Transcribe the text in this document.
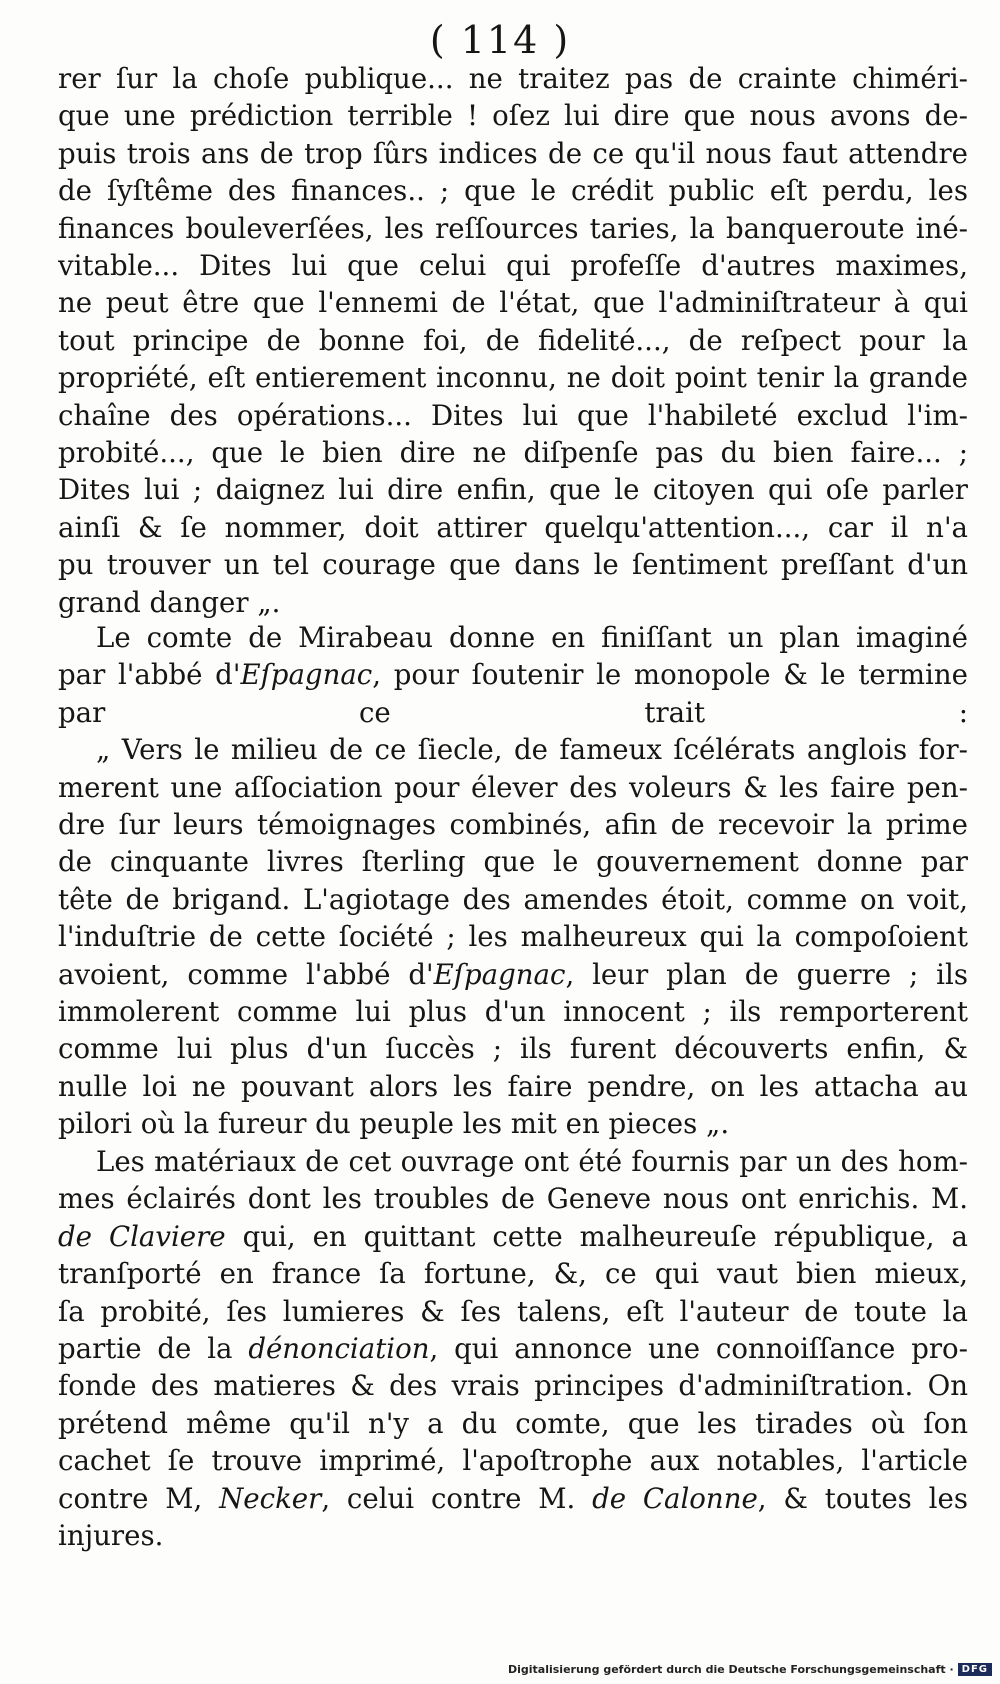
( 114 )
rer ſur la choſe publique... ne traitez pas de crainte chiméri-
que une prédiction terrible ! oſez lui dire que nous avons de-
puis trois ans de trop ſûrs indices de ce qu'il nous faut attendre
de ſyſtême des finances.. ; que le crédit public eſt perdu, les
finances bouleverſées, les reſſources taries, la banqueroute iné-
vitable... Dites lui que celui qui profeſſe d'autres maximes,
ne peut être que l'ennemi de l'état, que l'adminiſtrateur à qui
tout principe de bonne foi, de fidelité..., de reſpect pour la
propriété, eſt entierement inconnu, ne doit point tenir la grande
chaîne des opérations... Dites lui que l'habileté exclud l'im-
probité..., que le bien dire ne diſpenſe pas du bien faire... ;
Dites lui ; daignez lui dire enfin, que le citoyen qui oſe parler
ainſi & ſe nommer, doit attirer quelqu'attention..., car il n'a
pu trouver un tel courage que dans le ſentiment preſſant d'un
grand danger „.
Le comte de Mirabeau donne en finiſſant un plan imaginé
par l'abbé d'Eſpagnac, pour ſoutenir le monopole & le termine
par ce trait :
„ Vers le milieu de ce ſiecle, de fameux ſcélérats anglois for-
merent une aſſociation pour élever des voleurs & les faire pen-
dre ſur leurs témoignages combinés, afin de recevoir la prime
de cinquante livres ſterling que le gouvernement donne par
tête de brigand. L'agiotage des amendes étoit, comme on voit,
l'induſtrie de cette ſociété ; les malheureux qui la compoſoient
avoient, comme l'abbé d'Eſpagnac, leur plan de guerre ; ils
immolerent comme lui plus d'un innocent ; ils remporterent
comme lui plus d'un ſuccès ; ils furent découverts enfin, &
nulle loi ne pouvant alors les faire pendre, on les attacha au
pilori où la fureur du peuple les mit en pieces „.
Les matériaux de cet ouvrage ont été fournis par un des hom-
mes éclairés dont les troubles de Geneve nous ont enrichis. M.
de Claviere qui, en quittant cette malheureuſe république, a
tranſporté en france ſa fortune, &, ce qui vaut bien mieux,
ſa probité, ſes lumieres & ſes talens, eſt l'auteur de toute la
partie de la dénonciation, qui annonce une connoiſſance pro-
fonde des matieres & des vrais principes d'adminiſtration. On
prétend même qu'il n'y a du comte, que les tirades où ſon
cachet ſe trouve imprimé, l'apoſtrophe aux notables, l'article
contre M, Necker, celui contre M. de Calonne, & toutes les
injures.
Digitalisierung gefördert durch die Deutsche Forschungsgemeinschaft · DFG
